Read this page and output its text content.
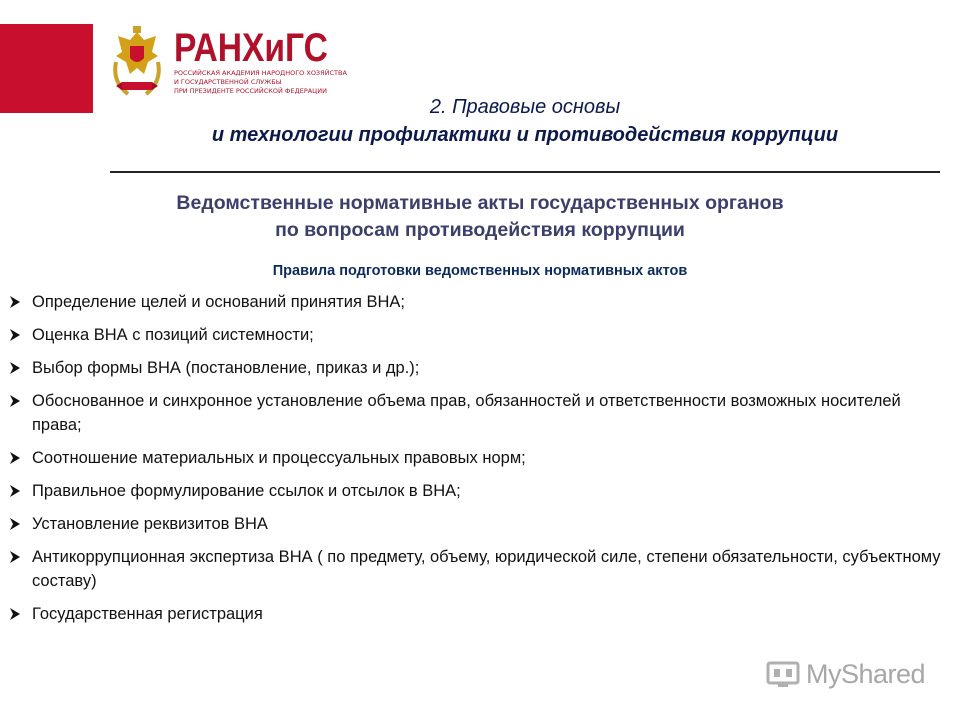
РАНХиГС
РОССИЙСКАЯ АКАДЕМИЯ НАРОДНОГО ХОЗЯЙСТВА
И ГОСУДАРСТВЕННОЙ СЛУЖБЫ
ПРИ ПРЕЗИДЕНТЕ РОССИЙСКОЙ ФЕДЕРАЦИИ
2. Правовые основы
и технологии профилактики и противодействия коррупции
Ведомственные нормативные акты государственных органов
по вопросам противодействия коррупции
Правила подготовки ведомственных нормативных актов
Определение целей и оснований принятия ВНА;
Оценка ВНА с позиций системности;
Выбор формы ВНА (постановление, приказ и др.);
Обоснованное и синхронное установление объема прав, обязанностей и ответственности возможных носителей права;
Соотношение материальных и процессуальных правовых норм;
Правильное формулирование ссылок и отсылок в ВНА;
Установление реквизитов ВНА
Антикоррупционная экспертиза ВНА ( по предмету, объему, юридической силе, степени обязательности, субъектному составу)
Государственная регистрация
MyShared
